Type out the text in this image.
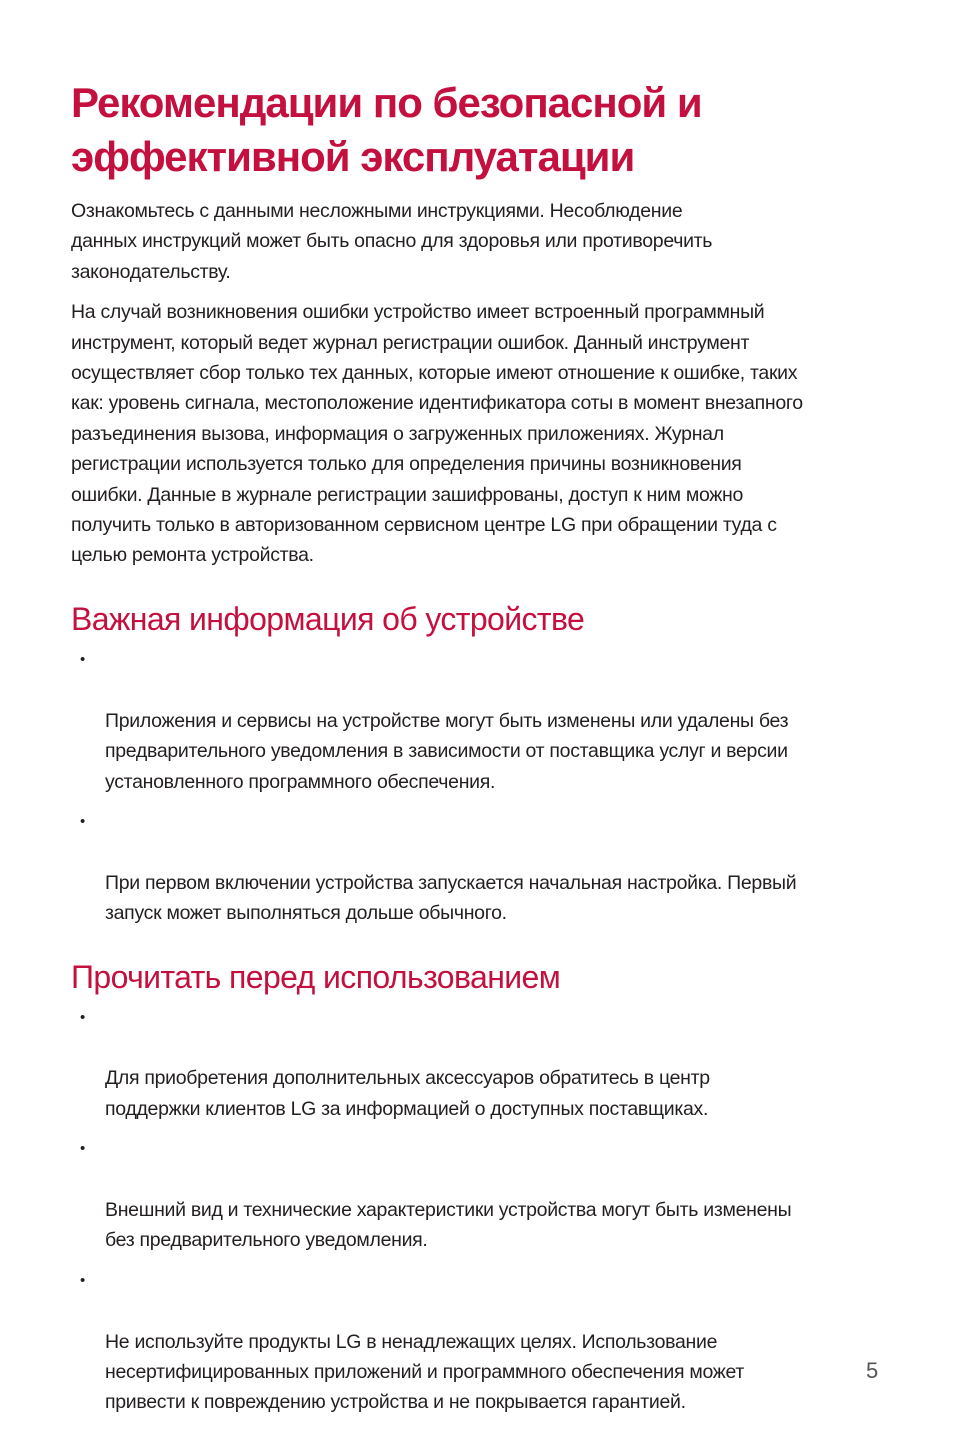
Рекомендации по безопасной и
эффективной эксплуатации

Ознакомьтесь с данными несложными инструкциями. Несоблюдение
данных инструкций может быть опасно для здоровья или противоречить
законодательству.

На случай возникновения ошибки устройство имеет встроенный программный
инструмент, который ведет журнал регистрации ошибок. Данный инструмент
осуществляет сбор только тех данных, которые имеют отношение к ошибке, таких
как: уровень сигнала, местоположение идентификатора соты в момент внезапного
разъединения вызова, информация о загруженных приложениях. Журнал
регистрации используется только для определения причины возникновения
ошибки. Данные в журнале регистрации зашифрованы, доступ к ним можно
получить только в авторизованном сервисном центре LG при обращении туда с
целью ремонта устройства.

Важная информация об устройстве

•

Приложения и сервисы на устройстве могут быть изменены или удалены без
предварительного уведомления в зависимости от поставщика услуг и версии
установленного программного обеспечения.

•

При первом включении устройства запускается начальная настройка. Первый
запуск может выполняться дольше обычного.

Прочитать перед использованием

•

Для приобретения дополнительных аксессуаров обратитесь в центр
поддержки клиентов LG за информацией о доступных поставщиках.

•

Внешний вид и технические характеристики устройства могут быть изменены
без предварительного уведомления.

•

Не используйте продукты LG в ненадлежащих целях. Использование
несертифицированных приложений и программного обеспечения может
привести к повреждению устройства и не покрывается гарантией.

5
